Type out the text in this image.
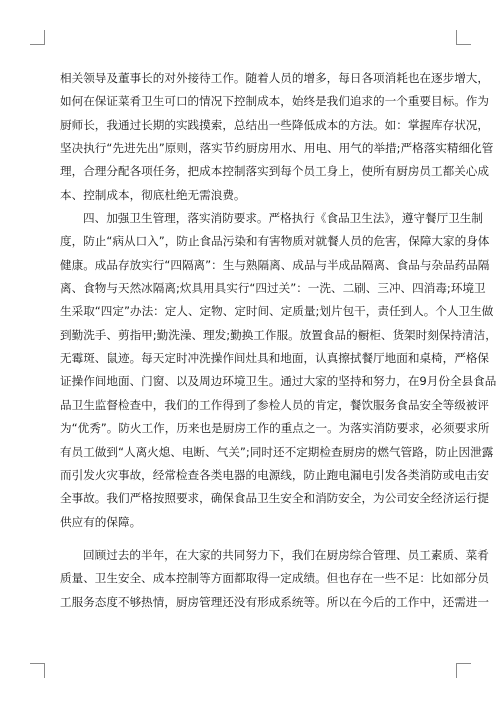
相关领导及董事长的对外接待工作。随着人员的增多，每日各项消耗也在逐步增大，
如何在保证菜肴卫生可口的情况下控制成本，始终是我们追求的一个重要目标。作为
厨师长，我通过长期的实践摸索，总结出一些降低成本的方法。如：掌握库存状况，
坚决执行“先进先出”原则，落实节约厨房用水、用电、用气的举措;严格落实精细化管
理，合理分配各项任务，把成本控制落实到每个员工身上，使所有厨房员工都关心成
本、控制成本，彻底杜绝无需浪费。
四、加强卫生管理，落实消防要求。严格执行《食品卫生法》，遵守餐厅卫生制
度，防止“病从口入”，防止食品污染和有害物质对就餐人员的危害，保障大家的身体
健康。成品存放实行“四隔离”：生与熟隔离、成品与半成品隔离、食品与杂品药品隔
离、食物与天然冰隔离;炊具用具实行“四过关”：一洗、二刷、三冲、四消毒;环境卫
生采取“四定”办法：定人、定物、定时间、定质量;划片包干，责任到人。个人卫生做
到勤洗手、剪指甲;勤洗澡、理发;勤换工作服。放置食品的橱柜、货架时刻保持清洁，
无霉斑、鼠迹。每天定时冲洗操作间灶具和地面，认真擦拭餐厅地面和桌椅，严格保
证操作间地面、门窗、以及周边环境卫生。通过大家的坚持和努力，在9月份全县食品
品卫生监督检查中，我们的工作得到了参检人员的肯定，餐饮服务食品安全等级被评
为“优秀”。防火工作，历来也是厨房工作的重点之一。为落实消防要求，必须要求所
有员工做到“人离火熄、电断、气关”;同时还不定期检查厨房的燃气管路，防止因泄露
而引发火灾事故，经常检查各类电器的电源线，防止跑电漏电引发各类消防或电击安
全事故。我们严格按照要求，确保食品卫生安全和消防安全，为公司安全经济运行提
供应有的保障。
回顾过去的半年，在大家的共同努力下，我们在厨房综合管理、员工素质、菜肴
质量、卫生安全、成本控制等方面都取得一定成绩。但也存在一些不足：比如部分员
工服务态度不够热情，厨房管理还没有形成系统等。所以在今后的工作中，还需进一
